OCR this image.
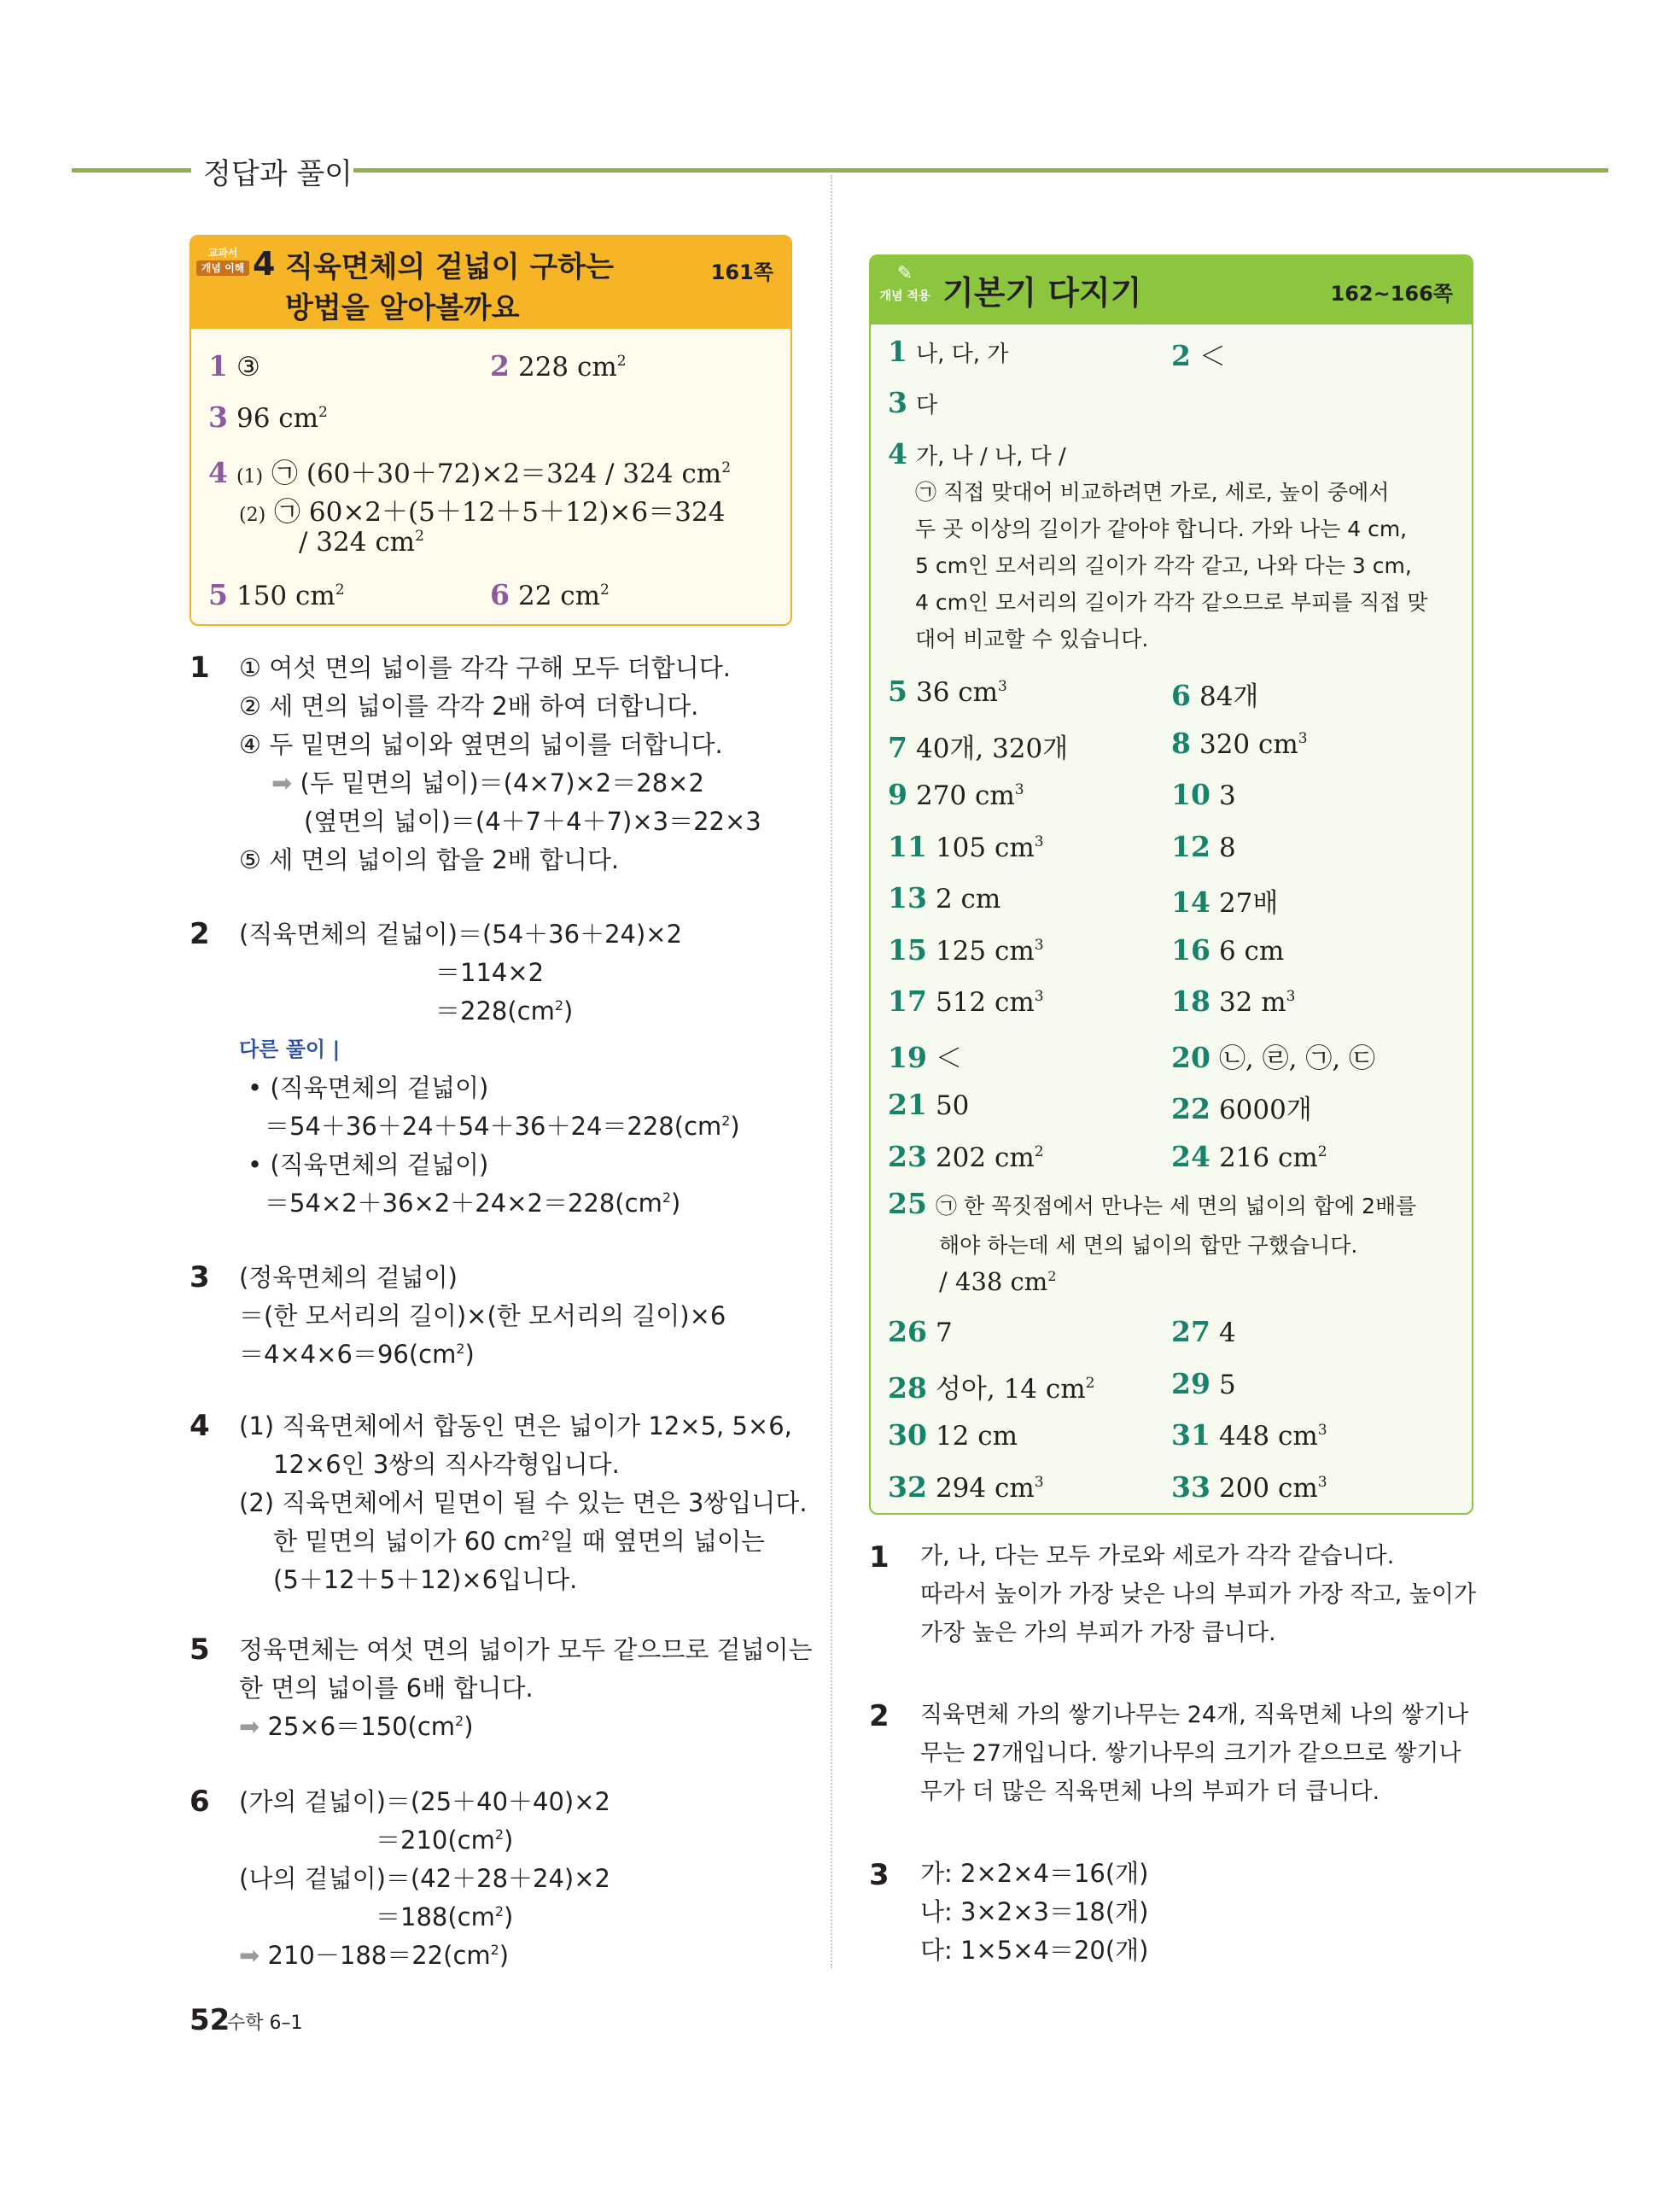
정답과 풀이
교과서
개념 이해 4 직육면체의 겉넓이 구하는
방법을 알아볼까요
161쪽
1 ③	2 228 $cm^2$
3 96 $cm^2$
4 (1) ㉠ (60＋30＋72)×2＝324 / 324 $cm^2$
(2) ㉠ 60×2＋(5＋12＋5＋12)×6＝324
/ 324 $cm^2$
5 150 $cm^2$	6 22 $cm^2$
1 ① 여섯 면의 넓이를 각각 구해 모두 더합니다.
② 세 면의 넓이를 각각 2배 하여 더합니다.
④ 두 밑면의 넓이와 옆면의 넓이를 더합니다.
➡ (두 밑면의 넓이)＝(4×7)×2＝28×2
(옆면의 넓이)＝(4＋7＋4＋7)×3＝22×3
⑤ 세 면의 넓이의 합을 2배 합니다.
2 (직육면체의 겉넓이)＝(54＋36＋24)×2
＝114×2
$=228(cm^2)$
다른 풀이 |
• (직육면체의 겉넓이)
$=54+36+24+54+36+24=228(cm^2)$
• (직육면체의 겉넓이)
$=54\times 2+36\times 2+24\times 2=228(cm^2)$
3 (정육면체의 겉넓이)
＝(한 모서리의 길이)×(한 모서리의 길이)×6
$=4\times 4\times 6=96(cm^2)$
4 (1) 직육면체에서 합동인 면은 넓이가 12×5, 5×6,
12×6인 3쌍의 직사각형입니다.
(2) 직육면체에서 밑면이 될 수 있는 면은 3쌍입니다.
한 밑면의 넓이가 60 $cm^2$일 때 옆면의 넓이는
(5＋12＋5＋12)×6입니다.
5 정육면체는 여섯 면의 넓이가 모두 같으므로 겉넓이는
한 면의 넓이를 6배 합니다.
➡ $25\times 6=150(cm^2)$
6 (가의 겉넓이)＝(25＋40＋40)×2
$=210(cm^2)$
(나의 겉넓이)＝(42＋28＋24)×2
$=188(cm^2)$
➡ $210-188=22(cm^2)$
✎
개념 적용 기본기 다지기	162~166쪽
1 나, 다, 가	2 ＜
3 다
4 가, 나 / 나, 다 /
㉠ 직접 맞대어 비교하려면 가로, 세로, 높이 중에서
두 곳 이상의 길이가 같아야 합니다. 가와 나는 4 cm,
5 cm인 모서리의 길이가 각각 같고, 나와 다는 3 cm,
4 cm인 모서리의 길이가 각각 같으므로 부피를 직접 맞
대어 비교할 수 있습니다.
5 36 $cm^3$	6 84개
7 40개, 320개	8 320 $cm^3$
9 270 $cm^3$	10 3
11 105 $cm^3$	12 8
13 2 cm	14 27배
15 125 $cm^3$	16 6 cm
17 512 $cm^3$	18 32 $m^3$
19 ＜	20 ㉡, ㉣, ㉠, ㉢
21 50	22 6000개
23 202 $cm^2$	24 216 $cm^2$
25 ㉠ 한 꼭짓점에서 만나는 세 면의 넓이의 합에 2배를
해야 하는데 세 면의 넓이의 합만 구했습니다.
/ 438 $cm^2$
26 7	27 4
28 성아, 14 $cm^2$	29 5
30 12 cm	31 448 $cm^3$
32 294 $cm^3$	33 200 $cm^3$
1 가, 나, 다는 모두 가로와 세로가 각각 같습니다.
따라서 높이가 가장 낮은 나의 부피가 가장 작고, 높이가
가장 높은 가의 부피가 가장 큽니다.
2 직육면체 가의 쌓기나무는 24개, 직육면체 나의 쌓기나
무는 27개입니다. 쌓기나무의 크기가 같으므로 쌓기나
무가 더 많은 직육면체 나의 부피가 더 큽니다.
3 가: 2×2×4＝16(개)
나: 3×2×3＝18(개)
다: 1×5×4＝20(개)
52
수학 6–1
